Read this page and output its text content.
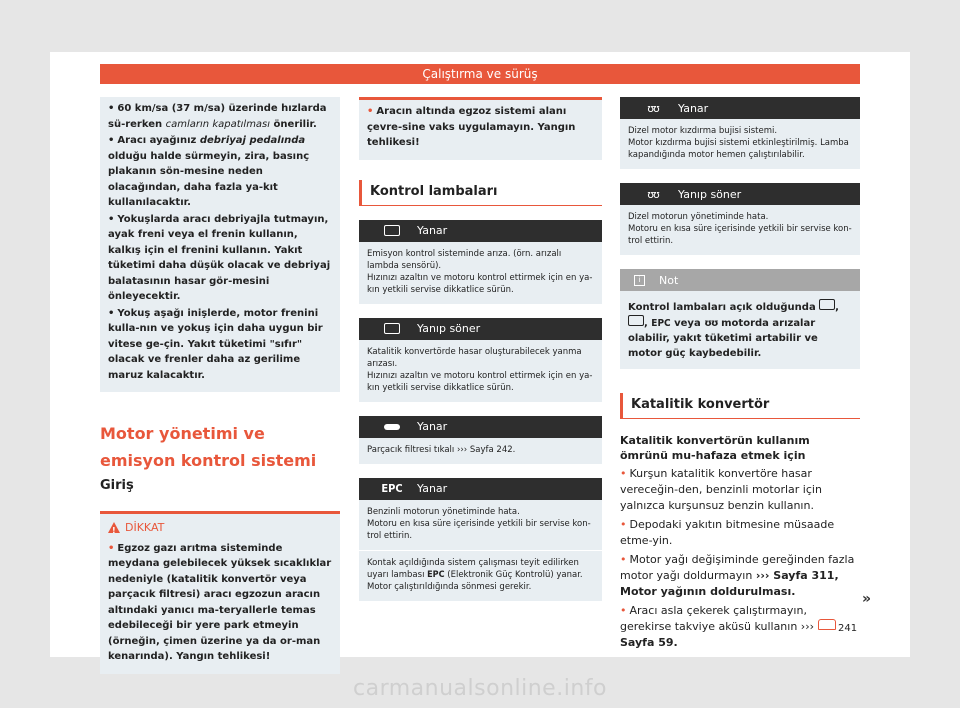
Çalıştırma ve sürüş
• 60 km/sa (37 m/sa) üzerinde hızlarda sü-rerken camların kapatılması önerilir.
• Aracı ayağınız debriyaj pedalında olduğu halde sürmeyin, zira, basınç plakanın sön-mesine neden olacağından, daha fazla ya-kıt kullanılacaktır.
• Yokuşlarda aracı debriyajla tutmayın, ayak freni veya el frenin kullanın, kalkış için el frenini kullanın. Yakıt tüketimi daha düşük olacak ve debriyaj balatasının hasar gör-mesini önleyecektir.
• Yokuş aşağı inişlerde, motor frenini kulla-nın ve yokuş için daha uygun bir vitese ge-çin. Yakıt tüketimi "sıfır" olacak ve frenler daha az gerilime maruz kalacaktır.
Motor yönetimi ve emisyon kontrol sistemi
Giriş
!
DİKKAT
• Egzoz gazı arıtma sisteminde meydana gelebilecek yüksek sıcaklıklar nedeniyle (katalitik konvertör veya parçacık filtresi) aracı egzozun aracın altındaki yanıcı ma-teryallerle temas edebileceği bir yere park etmeyin (örneğin, çimen üzerine ya da or-man kenarında). Yangın tehlikesi!
• Aracın altında egzoz sistemi alanı çevre-sine vaks uygulamayın. Yangın tehlikesi!
Kontrol lambaları
Yanar
Emisyon kontrol sisteminde arıza. (örn. arızalı lambda sensörü).
Hızınızı azaltın ve motoru kontrol ettirmek için en ya-kın yetkili servise dikkatlice sürün.
Yanıp söner
Katalitik konvertörde hasar oluşturabilecek yanma arızası.
Hızınızı azaltın ve motoru kontrol ettirmek için en ya-kın yetkili servise dikkatlice sürün.
Yanar
Parçacık filtresi tıkalı ››› Sayfa 242.
EPC	Yanar
Benzinli motorun yönetiminde hata.
Motoru en kısa süre içerisinde yetkili bir servise kon-trol ettirin.
Kontak açıldığında sistem çalışması teyit edilirken uyarı lambası EPC (Elektronik Güç Kontrolü) yanar. Motor çalıştırıldığında sönmesi gerekir.
ʊʊ	Yanar
Dizel motor kızdırma bujisi sistemi.
Motor kızdırma bujisi sistemi etkinleştirilmiş. Lamba kapandığında motor hemen çalıştırılabilir.
ʊʊ	Yanıp söner
Dizel motorun yönetiminde hata.
Motoru en kısa süre içerisinde yetkili bir servise kon-trol ettirin.
i	Not
Kontrol lambaları açık olduğunda , , EPC veya ʊʊ motorda arızalar olabilir, yakıt tüketimi artabilir ve motor güç kaybedebilir.
Katalitik konvertör
Katalitik konvertörün kullanım ömrünü mu-hafaza etmek için
• Kurşun katalitik konvertöre hasar vereceğin-den, benzinli motorlar için yalnızca kurşunsuz benzin kullanın.
• Depodaki yakıtın bitmesine müsaade etme-yin.
• Motor yağı değişiminde gereğinden fazla motor yağı doldurmayın ››› Sayfa 311, Motor yağının doldurulması.
• Aracı asla çekerek çalıştırmayın, gerekirse takviye aküsü kullanın ›››  Sayfa 59.
»
241
carmanualsonline.info
